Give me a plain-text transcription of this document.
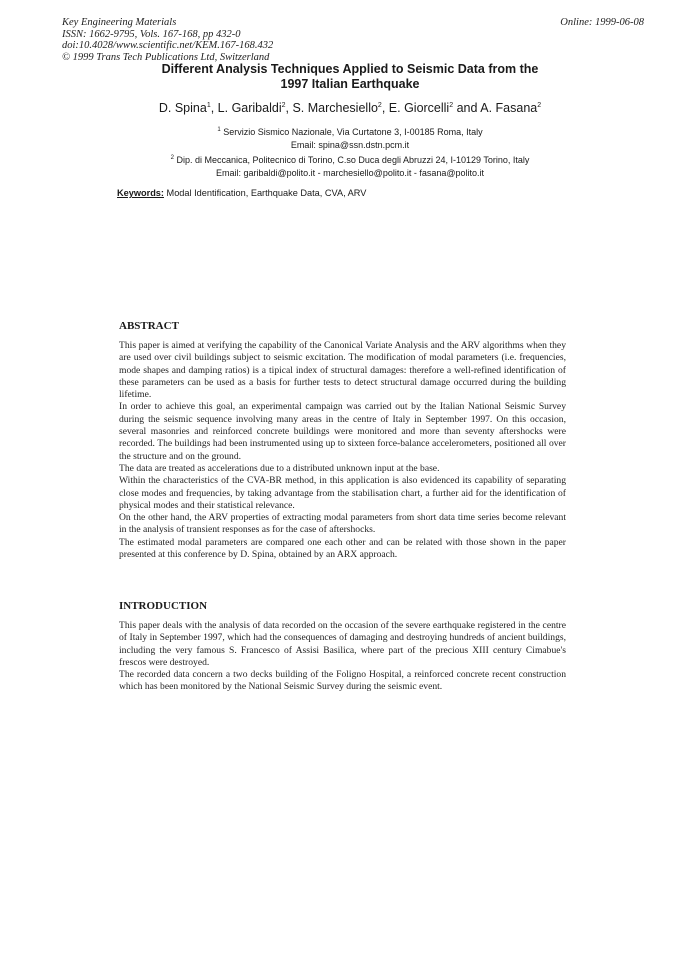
Key Engineering Materials
ISSN: 1662-9795, Vols. 167-168, pp 432-0
doi:10.4028/www.scientific.net/KEM.167-168.432
© 1999 Trans Tech Publications Ltd, Switzerland
Online: 1999-06-08
Different Analysis Techniques Applied to Seismic Data from the
1997 Italian Earthquake
D. Spina$^1$, L. Garibaldi$^2$, S. Marchesiello$^2$, E. Giorcelli$^2$ and A. Fasana$^2$
$^1$ Servizio Sismico Nazionale, Via Curtatone 3, I-00185 Roma, Italy
Email: spina@ssn.dstn.pcm.it
$^2$ Dip. di Meccanica, Politecnico di Torino, C.so Duca degli Abruzzi 24, I-10129 Torino, Italy
Email: garibaldi@polito.it - marchesiello@polito.it - fasana@polito.it
Keywords: Modal Identification, Earthquake Data, CVA, ARV
ABSTRACT

This paper is aimed at verifying the capability of the Canonical Variate Analysis and the ARV algorithms when they are used over civil buildings subject to seismic excitation. The modification of modal parameters (i.e. frequencies, mode shapes and damping ratios) is a tipical index of structural damages: therefore a well-refined identification of these parameters can be used as a basis for further tests to detect structural damage occurred during the building lifetime.

In order to achieve this goal, an experimental campaign was carried out by the Italian National Seismic Survey during the seismic sequence involving many areas in the centre of Italy in September 1997. On this occasion, several masonries and reinforced concrete buildings were monitored and more than seventy aftershocks were recorded. The buildings had been instrumented using up to sixteen force-balance accelerometers, positioned all over the structure and on the ground.

The data are treated as accelerations due to a distributed unknown input at the base.

Within the characteristics of the CVA-BR method, in this application is also evidenced its capability of separating close modes and frequencies, by taking advantage from the stabilisation chart, a further aid for the identification of physical modes and their statistical relevance.

On the other hand, the ARV properties of extracting modal parameters from short data time series become relevant in the analysis of transient responses as for the case of aftershocks.

The estimated modal parameters are compared one each other and can be related with those shown in the paper presented at this conference by D. Spina, obtained by an ARX approach.

INTRODUCTION

This paper deals with the analysis of data recorded on the occasion of the severe earthquake registered in the centre of Italy in September 1997, which had the consequences of damaging and destroying hundreds of ancient buildings, including the very famous S. Francesco of Assisi Basilica, where part of the precious XIII century Cimabue's frescos were destroyed.

The recorded data concern a two decks building of the Foligno Hospital, a reinforced concrete recent construction which has been monitored by the National Seismic Survey during the seismic event.
